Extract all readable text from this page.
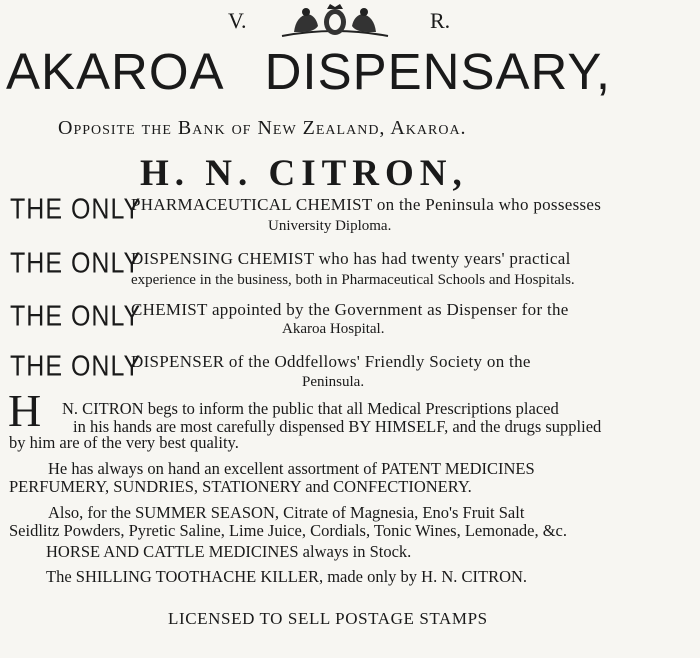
V.	R.
AKAROA DISPENSARY,
Opposite the Bank of New Zealand, Akaroa.
H. N. CITRON,
THE ONLY
PHARMACEUTICAL CHEMIST on the Peninsula who possesses
University Diploma.
THE ONLY
DISPENSING CHEMIST who has had twenty years' practical
experience in the business, both in Pharmaceutical Schools and Hospitals.
THE ONLY
CHEMIST appointed by the Government as Dispenser for the
Akaroa Hospital.
THE ONLY
DISPENSER of the Oddfellows' Friendly Society on the
Peninsula.
H N. CITRON begs to inform the public that all Medical Prescriptions placed
in his hands are most carefully dispensed BY HIMSELF, and the drugs supplied
by him are of the very best quality.
He has always on hand an excellent assortment of PATENT MEDICINES
PERFUMERY, SUNDRIES, STATIONERY and CONFECTIONERY.
Also, for the SUMMER SEASON, Citrate of Magnesia, Eno's Fruit Salt
Seidlitz Powders, Pyretic Saline, Lime Juice, Cordials, Tonic Wines, Lemonade, &c.
HORSE AND CATTLE MEDICINES always in Stock.
The SHILLING TOOTHACHE KILLER, made only by H. N. CITRON.
LICENSED TO SELL POSTAGE STAMPS
